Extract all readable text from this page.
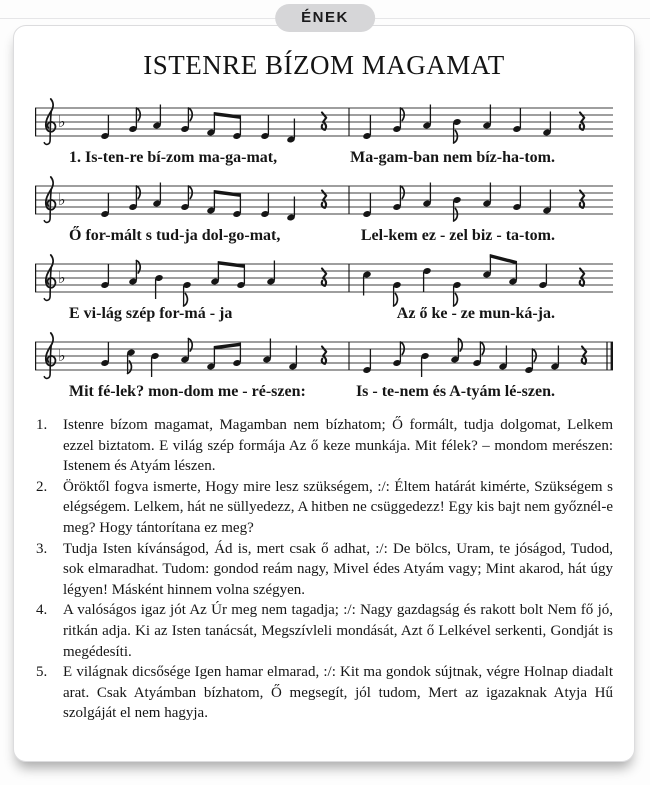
ÉNEK
ISTENRE BÍZOM MAGAMAT
♭
1. Is-ten-re bí-zom ma-ga-mat,	Ma-gam-ban nem bíz-ha-tom.
♭
Ő for-mált s tud-ja dol-go-mat,	Lel-kem ez - zel biz - ta-tom.
♭
E vi-lág szép for-má - ja	Az ő ke - ze mun-ká-ja.
♭
Mit fé-lek? mon-dom me - ré-szen:	Is - te-nem és A-tyám lé-szen.
1.	Istenre bízom magamat, Magamban nem bízhatom; Ő formált, tudja dolgomat, Lelkem ezzel biztatom. E világ szép formája Az ő keze munkája. Mit félek? – mondom merészen: Istenem és Atyám lészen.
2.	Öröktől fogva ismerte, Hogy mire lesz szükségem, :/: Éltem határát kimérte, Szükségem s elégségem. Lelkem, hát ne süllyedezz, A hitben ne csüggedezz! Egy kis bajt nem győznél-e meg? Hogy tántorítana ez meg?
3.	Tudja Isten kívánságod, Ád is, mert csak ő adhat, :/: De bölcs, Uram, te jóságod, Tudod, sok elmaradhat. Tudom: gondod reám nagy, Mivel édes Atyám vagy; Mint akarod, hát úgy légyen! Másként hinnem volna szégyen.
4.	A valóságos igaz jót Az Úr meg nem tagadja; :/: Nagy gazdagság és rakott bolt Nem fő jó, ritkán adja. Ki az Isten tanácsát, Megszívleli mondását, Azt ő Lelkével serkenti, Gondját is megédesíti.
5.	E világnak dicsősége Igen hamar elmarad, :/: Kit ma gondok sújtnak, végre Holnap diadalt arat. Csak Atyámban bízhatom, Ő megsegít, jól tudom, Mert az igazaknak Atyja Hű szolgáját el nem hagyja.
